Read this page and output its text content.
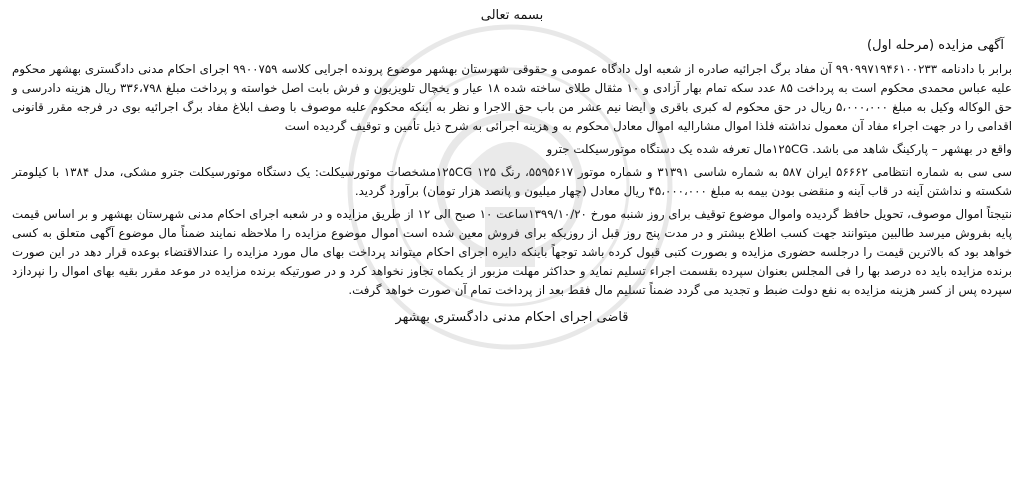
بسمه تعالی
آگهی مزایده (مرحله اول)

برابر با دادنامه ۹۹۰۹۹۷۱۹۴۶۱۰۰۲۳۳ آن مفاد برگ اجرائیه صادره از شعبه اول دادگاه عمومی و حقوقی شهرستان بهشهر موضوع پرونده اجرایی کلاسه ۹۹۰۰۷۵۹ اجرای احکام مدنی دادگستری بهشهر محکوم علیه عباس محمدی محکوم است به پرداخت ۸۵ عدد سکه تمام بهار آزادی و ۱۰ مثقال طلای ساخته شده ۱۸ عیار و یخچال تلویزیون و فرش بابت اصل خواسته و پرداخت مبلغ ۳۳۶،۷۹۸ ریال هزینه دادرسی و حق الوکاله وکیل به مبلغ ۵،۰۰۰،۰۰۰ ریال در حق محکوم له کبری باقری و ایضا نیم عشر من باب حق الاجرا و نظر به اینکه محکوم علیه موصوف با وصف ابلاغ مفاد برگ اجرائیه بوی در فرجه مقرر قانونی اقدامی را در جهت اجراء مفاد آن معمول نداشته فلذا اموال مشارالیه اموال معادل محکوم به و هزینه اجرائی به شرح ذیل تأمین و توقیف گردیده است

واقع در بهشهر – پارکینگ شاهد می باشد. ۱۲۵CGمال تعرفه شده یک دستگاه موتورسیکلت جترو

سی سی به شماره انتظامی ۵۶۶۶۲ ایران ۵۸۷ به شماره شاسی ۳۱۳۹۱ و شماره موتور ۵۵۹۵۶۱۷، رنگ ۱۲۵ ۱۲۵CGمشخصات موتورسیکلت: یک دستگاه موتورسیکلت جترو مشکی، مدل ۱۳۸۴ با کیلومتر شکسته و نداشتن آینه در قاب آینه و منقضی بودن بیمه به مبلغ ۴۵،۰۰۰،۰۰۰ ریال معادل (چهار میلیون و پانصد هزار تومان) برآورد گردید.

نتیجتاً اموال موصوف، تحویل حافظ گردیده واموال موضوع توقیف برای روز شنبه مورخ ۱۳۹۹/۱۰/۲۰ساعت ۱۰ صبح الی ۱۲ از طریق مزایده و در شعبه اجرای احکام مدنی شهرستان بهشهر و بر اساس قیمت پایه بفروش میرسد طالبین میتوانند جهت کسب اطلاع بیشتر و در مدت پنج روز قبل از روزیکه برای فروش معین شده است اموال موضوع مزایده را ملاحظه نمایند ضمناً مال موضوع آگهی متعلق به کسی خواهد بود که بالاترین قیمت را درجلسه حضوری مزایده و بصورت کتبی قبول کرده باشد توجهاً باینکه دایره اجرای احکام میتواند پرداخت بهای مال مورد مزایده را عندالاقتضاء بوعده قرار دهد در این صورت برنده مزایده باید ده درصد بها را فی المجلس بعنوان سپرده بقسمت اجراء تسلیم نماید و حداکثر مهلت مزبور از یکماه تجاوز نخواهد کرد و در صورتیکه برنده مزایده در موعد مقرر بقیه بهای اموال را نپردازد سپرده پس از کسر هزینه مزایده به نفع دولت ضبط و تجدید می گردد ضمناً تسلیم مال فقط بعد از پرداخت تمام آن صورت خواهد گرفت.

قاضی اجرای احکام مدنی دادگستری بهشهر
